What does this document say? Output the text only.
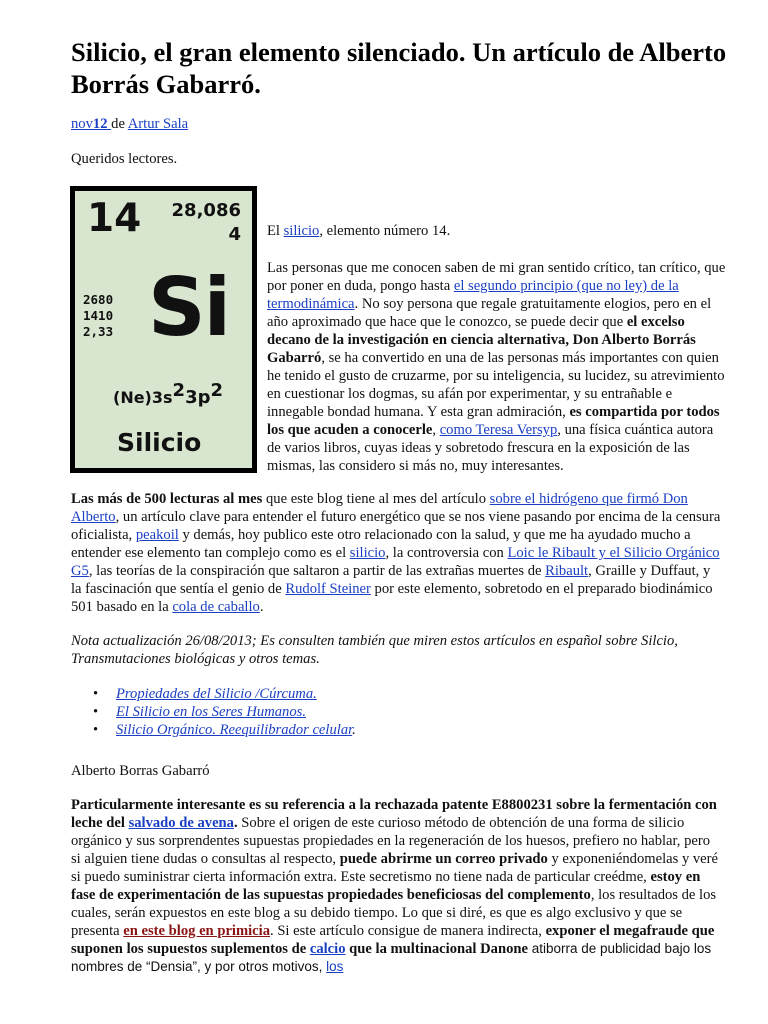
Silicio, el gran elemento silenciado. Un artículo de Alberto Borrás Gabarró.

nov12 de Artur Sala

Queridos lectores.

14 28,086
4
2680
1410
2,33 Si
$(Ne)3s^23p^2$
Silicio

El silicio, elemento número 14.

Las personas que me conocen saben de mi gran sentido crítico, tan crítico, que por poner en duda, pongo hasta el segundo principio (que no ley) de la termodinámica. No soy persona que regale gratuitamente elogios, pero en el año aproximado que hace que le conozco, se puede decir que el excelso decano de la investigación en ciencia alternativa, Don Alberto Borrás Gabarró, se ha convertido en una de las personas más importantes con quien he tenido el gusto de cruzarme, por su inteligencia, su lucidez, su atrevimiento en cuestionar los dogmas, su afán por experimentar, y su entrañable e innegable bondad humana. Y esta gran admiración, es compartida por todos los que acuden a conocerle, como Teresa Versyp, una física cuántica autora de varios libros, cuyas ideas y sobretodo frescura en la exposición de las mismas, las considero si más no, muy interesantes.

Las más de 500 lecturas al mes que este blog tiene al mes del artículo sobre el hidrógeno que firmó Don Alberto, un artículo clave para entender el futuro energético que se nos viene pasando por encima de la censura oficialista, peakoil y demás, hoy publico este otro relacionado con la salud, y que me ha ayudado mucho a entender ese elemento tan complejo como es el silicio, la controversia con Loic le Ribault y el Silicio Orgánico G5, las teorías de la conspiración que saltaron a partir de las extrañas muertes de Ribault, Graille y Duffaut, y la fascinación que sentía el genio de Rudolf Steiner por este elemento, sobretodo en el preparado biodinámico 501 basado en la cola de caballo.

Nota actualización 26/08/2013; Es consulten también que miren estos artículos en español sobre Silcio, Transmutaciones biológicas y otros temas.

• Propiedades del Silicio /Cúrcuma.
• El Silicio en los Seres Humanos.
• Silicio Orgánico. Reequilibrador celular.

Alberto Borras Gabarró

Particularmente interesante es su referencia a la rechazada patente E8800231 sobre la fermentación con leche del salvado de avena. Sobre el origen de este curioso método de obtención de una forma de silicio orgánico y sus sorprendentes supuestas propiedades en la regeneración de los huesos, prefiero no hablar, pero si alguien tiene dudas o consultas al respecto, puede abrirme un correo privado y exponeniéndomelas y veré si puedo suministrar cierta información extra. Este secretismo no tiene nada de particular creédme, estoy en fase de experimentación de las supuestas propiedades beneficiosas del complemento, los resultados de los cuales, serán expuestos en este blog a su debido tiempo. Lo que si diré, es que es algo exclusivo y que se presenta en este blog en primicia. Si este artículo consigue de manera indirecta, exponer el megafraude que suponen los supuestos suplementos de calcio que la multinacional Danone atiborra de publicidad bajo los nombres de “Densia”, y por otros motivos, los
